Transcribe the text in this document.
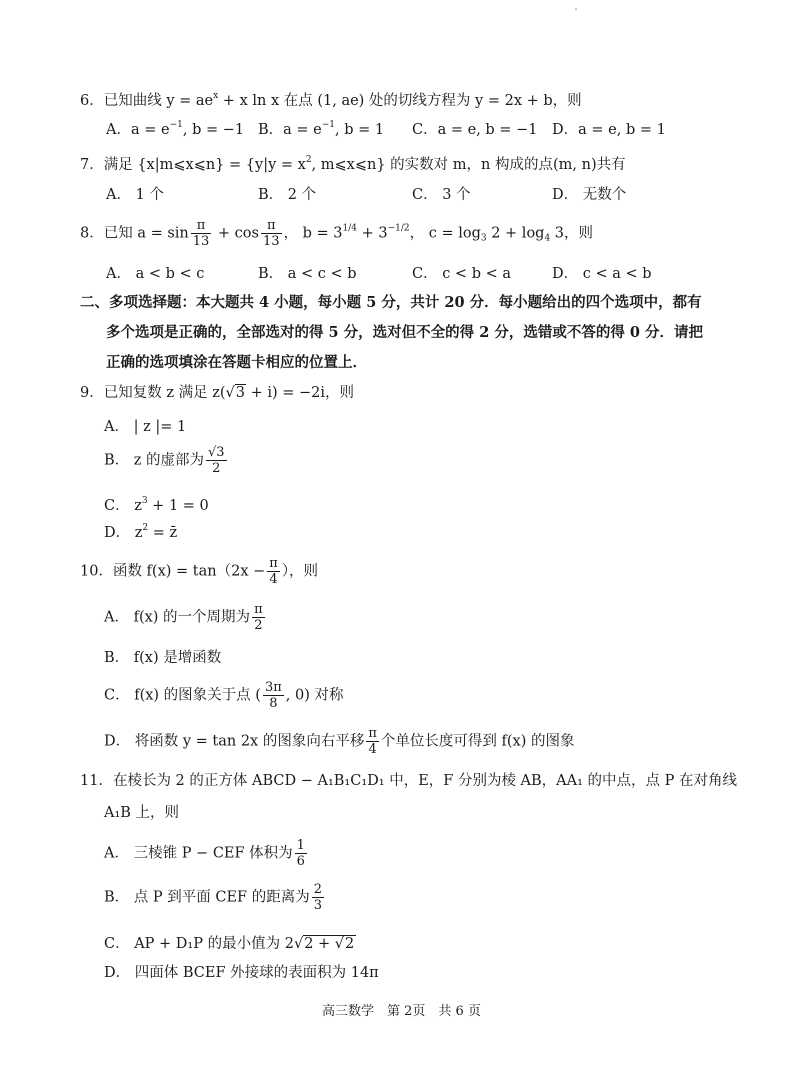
6．已知曲线 $y = ae^x + x$ ln x 在点 (1, ae) 处的切线方程为 y = 2x + b，则
A．$a = e^{-1}$, b = −1 B．$a = e^{-1}$, b = 1 C．a = e, b = −1 D．a = e, b = 1
7．满足 {x|m⩽x⩽n} = {$y|y = x^2$, m⩽x⩽n} 的实数对 m，n 构成的点(m, n)共有
A． 1 个	B． 2 个	C． 3 个	D． 无数个
8．已知 $a = \sin \frac{\pi}{13} + \cos \frac{\pi}{13}$ ， $b = 3^{1/4} + 3^{-1/2}$， $c = \log_3 2 + \log_4 3$，则
A． a < b < c	B． a < c < b	C． c < b < a	D． c < a < b
二、多项选择题：本大题共 4 小题，每小题 5 分，共计 20 分．每小题给出的四个选项中，都有
多个选项是正确的，全部选对的得 5 分，选对但不全的得 2 分，选错或不答的得 0 分．请把
正确的选项填涂在答题卡相应的位置上．
9．已知复数 z 满足 z(√3 + i) = −2i，则
A． | z |= 1
B． z 的虚部为 $\frac{√3}{2}$
C． $z^3 + 1 = 0$
D． $z^2$ = z̄
10．函数 $f(x) = \tan(2x - \frac{\pi}{4}$ ），则
A． f(x) 的一个周期为 $\frac{\pi}{2}$
B． f(x) 是增函数
C． f(x) 的图象关于点 ( $\frac{3\pi}{8}$ , 0) 对称
D． 将函数 y = tan 2x 的图象向右平移 $\frac{\pi}{4}$ 个单位长度可得到 f(x) 的图象
11．在棱长为 2 的正方体 ABCD − A₁B₁C₁D₁ 中，E，F 分别为棱 AB，AA₁ 的中点，点 P 在对角线
A₁B 上，则
A． 三棱锥 P − CEF 体积为 $\frac{1}{6}$
B． 点 P 到平面 CEF 的距离为 $\frac{2}{3}$
C． AP + D₁P 的最小值为 2√2 + √2
D． 四面体 BCEF 外接球的表面积为 14π
高三数学　第 2页　共 6 页
